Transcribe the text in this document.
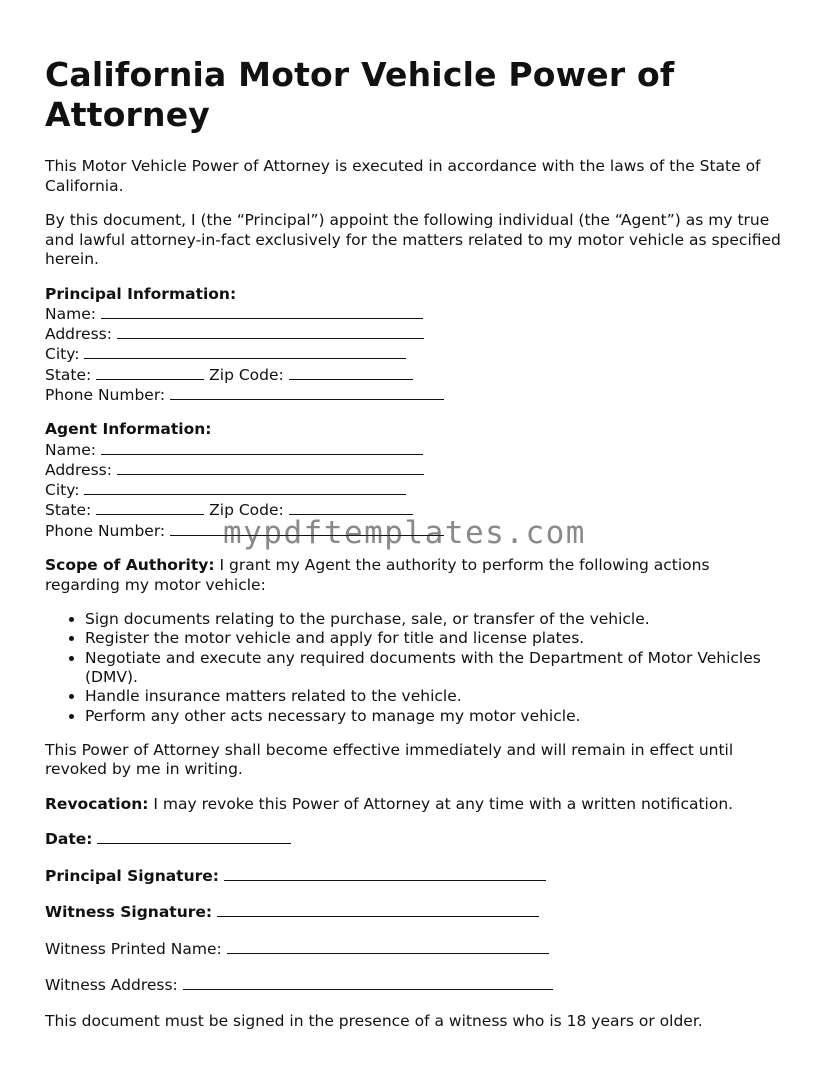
California Motor Vehicle Power of Attorney

This Motor Vehicle Power of Attorney is executed in accordance with the laws of the State of California.

By this document, I (the “Principal”) appoint the following individual (the “Agent”) as my true and lawful attorney-in-fact exclusively for the matters related to my motor vehicle as specified herein.

Principal Information:
Name:
Address:
City:
State:	Zip Code:
Phone Number:
Agent Information:
Name:
Address:
City:
State:	Zip Code:
Phone Number:

Scope of Authority: I grant my Agent the authority to perform the following actions regarding my motor vehicle:

• Sign documents relating to the purchase, sale, or transfer of the vehicle.
• Register the motor vehicle and apply for title and license plates.
• Negotiate and execute any required documents with the Department of Motor Vehicles (DMV).
• Handle insurance matters related to the vehicle.
• Perform any other acts necessary to manage my motor vehicle.

This Power of Attorney shall become effective immediately and will remain in effect until revoked by me in writing.

Revocation: I may revoke this Power of Attorney at any time with a written notification.

Date:
Principal Signature:
Witness Signature:
Witness Printed Name:
Witness Address:

This document must be signed in the presence of a witness who is 18 years or older.

mypdftemplates.com
